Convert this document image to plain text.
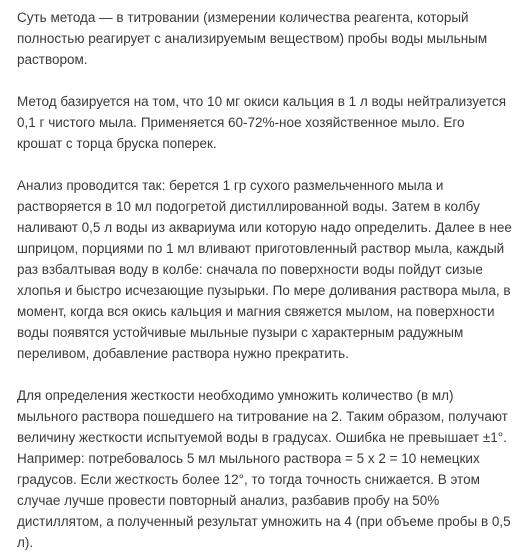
Суть метода — в титровании (измерении количества реагента, который полностью реагирует с анализируемым веществом) пробы воды мыльным раствором.

Метод базируется на том, что 10 мг окиси кальция в 1 л воды нейтрализуется 0,1 г чистого мыла. Применяется 60-72%-ное хозяйственное мыло. Его крошат с торца бруска поперек.

Анализ проводится так: берется 1 гр сухого размельченного мыла и растворяется в 10 мл подогретой дистиллированной воды. Затем в колбу наливают 0,5 л воды из аквариума или которую надо определить. Далее в нее шприцом, порциями по 1 мл вливают приготовленный раствор мыла, каждый раз взбалтывая воду в колбе: сначала по поверхности воды пойдут сизые хлопья и быстро исчезающие пузырьки. По мере доливания раствора мыла, в момент, когда вся окись кальция и магния свяжется мылом, на поверхности воды появятся устойчивые мыльные пузыри с характерным радужным переливом, добавление раствора нужно прекратить.

Для определения жесткости необходимо умножить количество (в мл) мыльного раствора пошедшего на титрование на 2. Таким образом, получают величину жесткости испытуемой воды в градусах. Ошибка не превышает ±1°. Например: потребовалось 5 мл мыльного раствора = 5 x 2 = 10 немецких градусов. Если жесткость более 12°, то тогда точность снижается. В этом случае лучше провести повторный анализ, разбавив пробу на 50% дистиллятом, а полученный результат умножить на 4 (при объеме пробы в 0,5 л).
